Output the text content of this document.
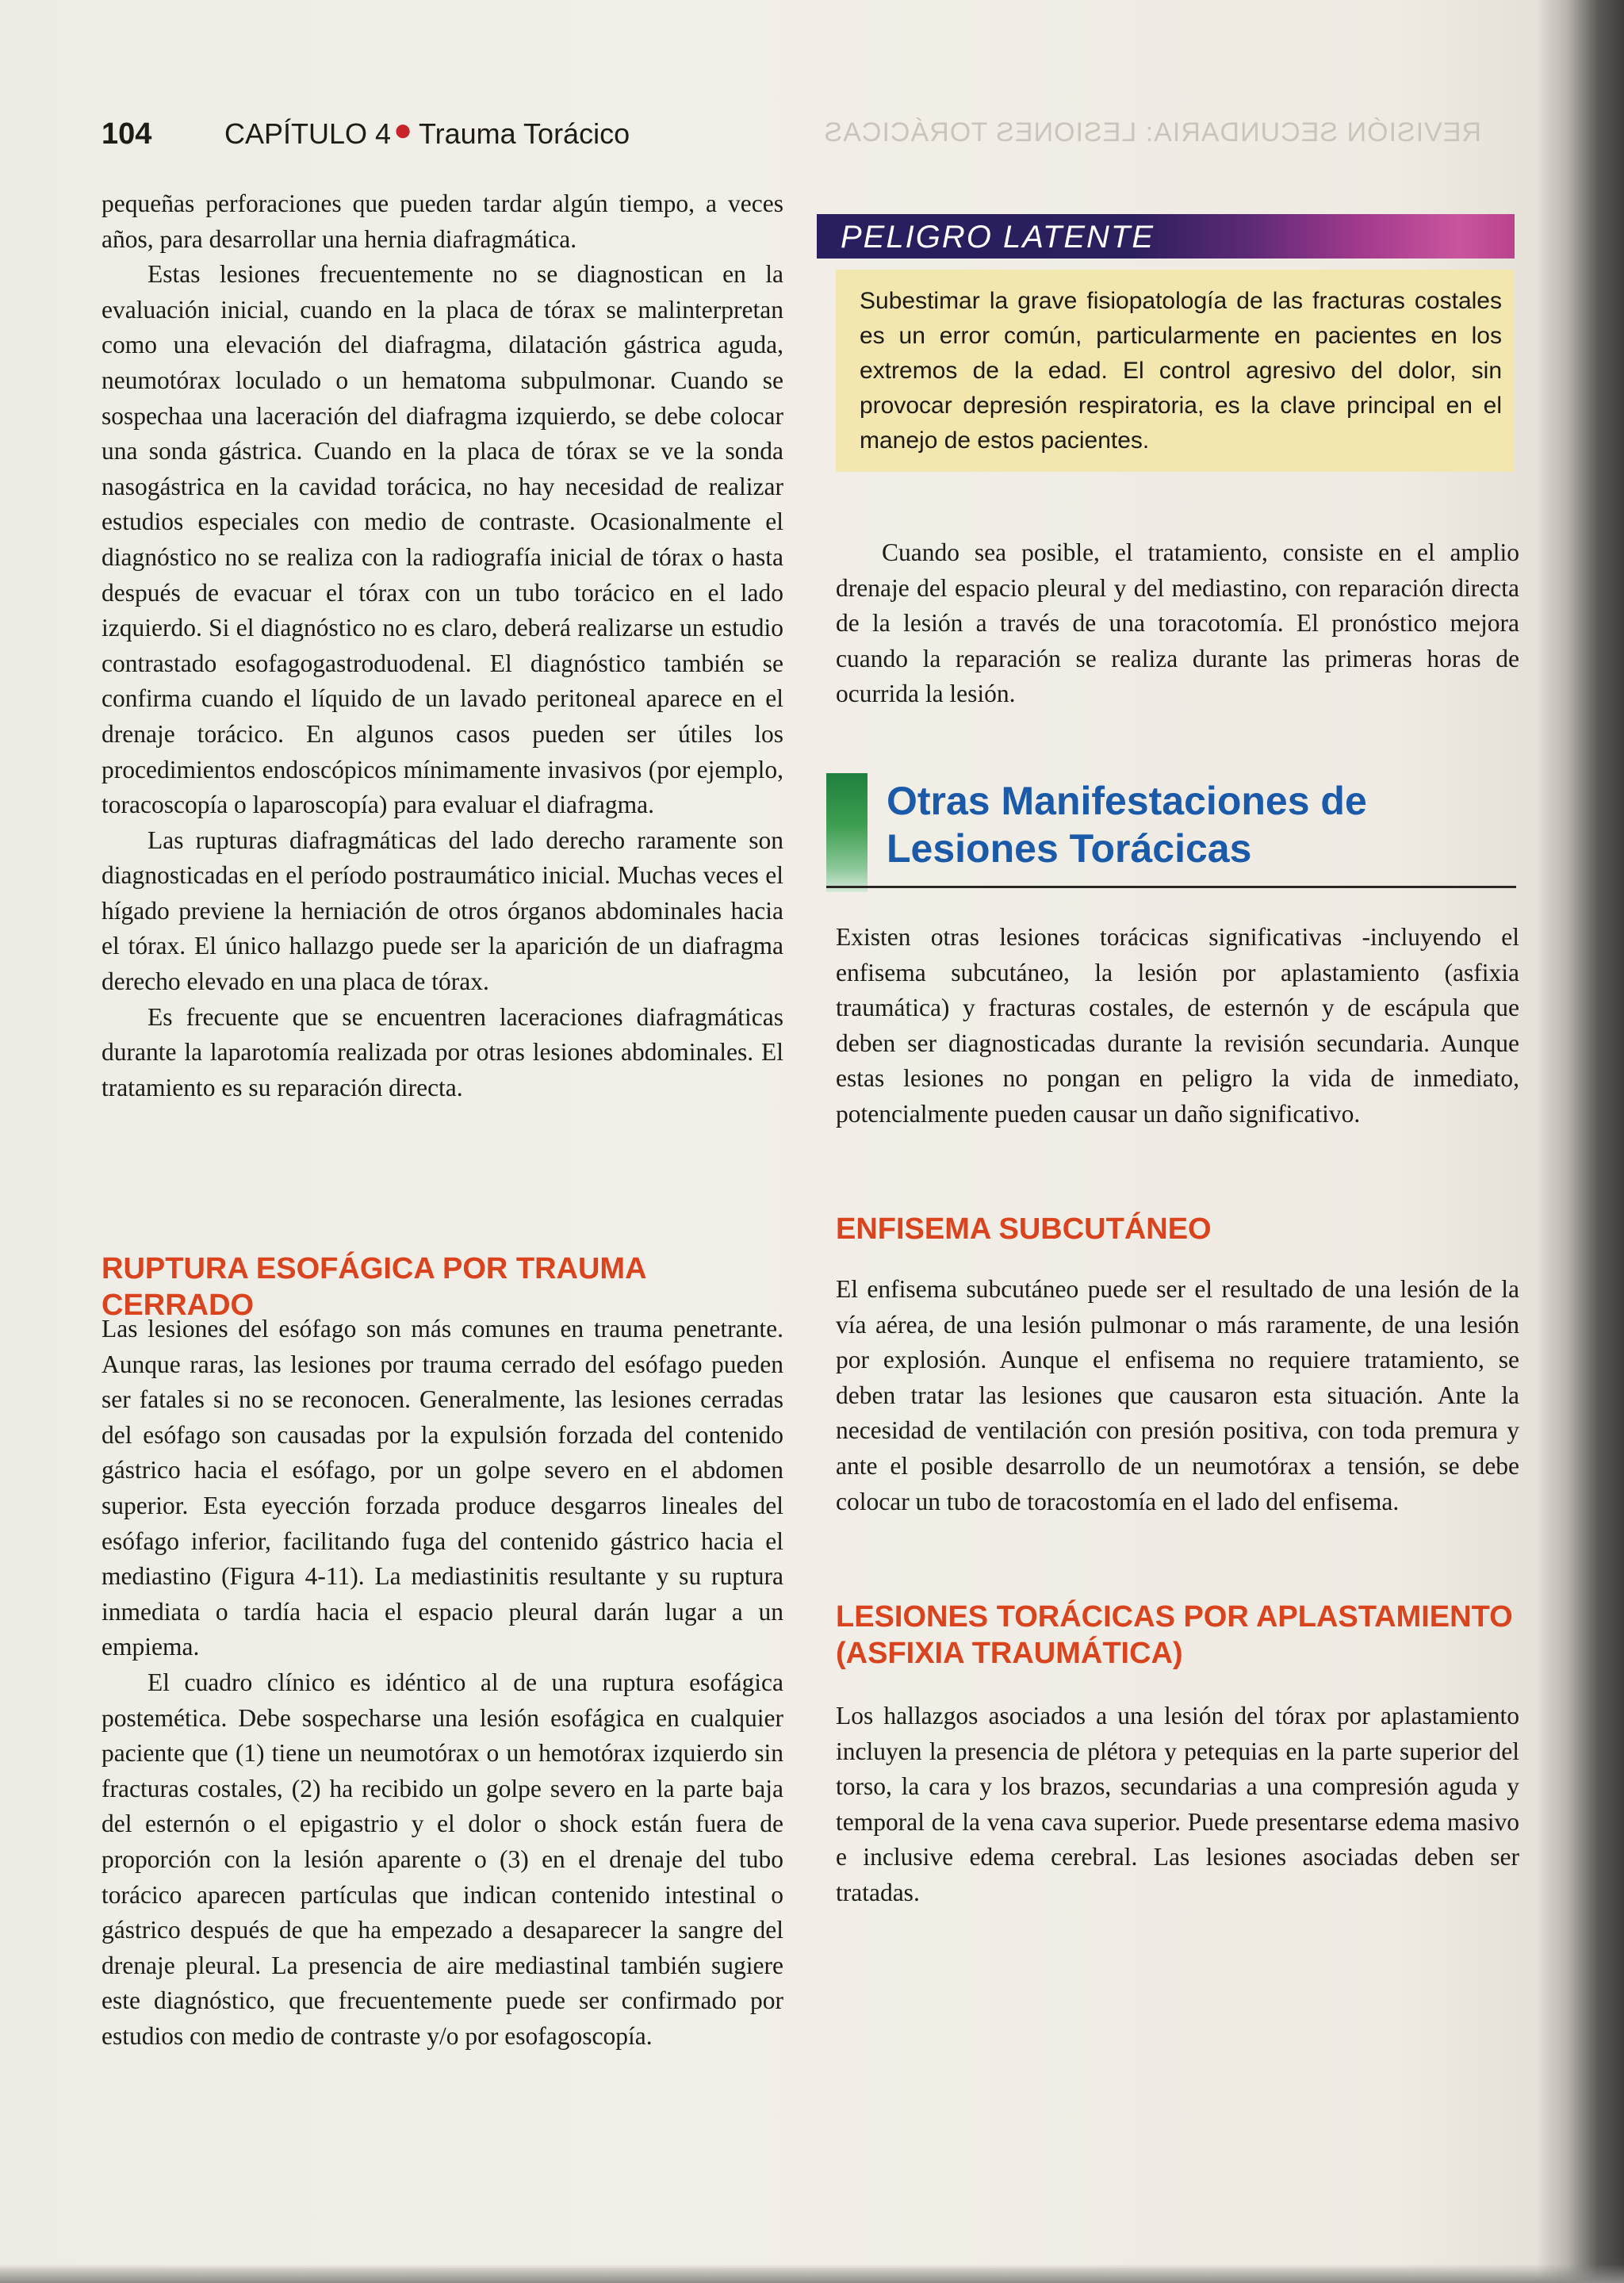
104	CAPÍTULO 4 ● Trauma Torácico	REVISIÓN SECUNDARIA: LESIONES TORÁCICAS

pequeñas perforaciones que pueden tardar algún tiempo, a veces años, para desarrollar una hernia diafragmática.

Estas lesiones frecuentemente no se diagnostican en la evaluación inicial, cuando en la placa de tórax se malinterpretan como una elevación del diafragma, dilatación gástrica aguda, neumotórax loculado o un hematoma subpulmonar. Cuando se sospechaa una laceración del diafragma izquierdo, se debe colocar una sonda gástrica. Cuando en la placa de tórax se ve la sonda nasogástrica en la cavidad torácica, no hay necesidad de realizar estudios especiales con medio de contraste. Ocasionalmente el diagnóstico no se realiza con la radiografía inicial de tórax o hasta después de evacuar el tórax con un tubo torácico en el lado izquierdo. Si el diagnóstico no es claro, deberá realizarse un estudio contrastado esofagogastroduodenal. El diagnóstico también se confirma cuando el líquido de un lavado peritoneal aparece en el drenaje torácico. En algunos casos pueden ser útiles los procedimientos endoscópicos mínimamente invasivos (por ejemplo, toracoscopía o laparoscopía) para evaluar el diafragma.

Las rupturas diafragmáticas del lado derecho raramente son diagnosticadas en el período postraumático inicial. Muchas veces el hígado previene la herniación de otros órganos abdominales hacia el tórax. El único hallazgo puede ser la aparición de un diafragma derecho elevado en una placa de tórax.

Es frecuente que se encuentren laceraciones diafragmáticas durante la laparotomía realizada por otras lesiones abdominales. El tratamiento es su reparación directa.

RUPTURA ESOFÁGICA POR TRAUMA CERRADO

Las lesiones del esófago son más comunes en trauma penetrante. Aunque raras, las lesiones por trauma cerrado del esófago pueden ser fatales si no se reconocen. Generalmente, las lesiones cerradas del esófago son causadas por la expulsión forzada del contenido gástrico hacia el esófago, por un golpe severo en el abdomen superior. Esta eyección forzada produce desgarros lineales del esófago inferior, facilitando fuga del contenido gástrico hacia el mediastino (Figura 4-11). La mediastinitis resultante y su ruptura inmediata o tardía hacia el espacio pleural darán lugar a un empiema.

El cuadro clínico es idéntico al de una ruptura esofágica postemética. Debe sospecharse una lesión esofágica en cualquier paciente que (1) tiene un neumotórax o un hemotórax izquierdo sin fracturas costales, (2) ha recibido un golpe severo en la parte baja del esternón o el epigastrio y el dolor o shock están fuera de proporción con la lesión aparente o (3) en el drenaje del tubo torácico aparecen partículas que indican contenido intestinal o gástrico después de que ha empezado a desaparecer la sangre del drenaje pleural. La presencia de aire mediastinal también sugiere este diagnóstico, que frecuentemente puede ser confirmado por estudios con medio de contraste y/o por esofagoscopía.

PELIGRO LATENTE
Subestimar la grave fisiopatología de las fracturas costales es un error común, particularmente en pacientes en los extremos de la edad. El control agresivo del dolor, sin provocar depresión respiratoria, es la clave principal en el manejo de estos pacientes.

Cuando sea posible, el tratamiento, consiste en el amplio drenaje del espacio pleural y del mediastino, con reparación directa de la lesión a través de una toracotomía. El pronóstico mejora cuando la reparación se realiza durante las primeras horas de ocurrida la lesión.

Otras Manifestaciones de Lesiones Torácicas

Existen otras lesiones torácicas significativas -incluyendo el enfisema subcutáneo, la lesión por aplastamiento (asfixia traumática) y fracturas costales, de esternón y de escápula que deben ser diagnosticadas durante la revisión secundaria. Aunque estas lesiones no pongan en peligro la vida de inmediato, potencialmente pueden causar un daño significativo.

ENFISEMA SUBCUTÁNEO

El enfisema subcutáneo puede ser el resultado de una lesión de la vía aérea, de una lesión pulmonar o más raramente, de una lesión por explosión. Aunque el enfisema no requiere tratamiento, se deben tratar las lesiones que causaron esta situación. Ante la necesidad de ventilación con presión positiva, con toda premura y ante el posible desarrollo de un neumotórax a tensión, se debe colocar un tubo de toracostomía en el lado del enfisema.

LESIONES TORÁCICAS POR APLASTAMIENTO (ASFIXIA TRAUMÁTICA)

Los hallazgos asociados a una lesión del tórax por aplastamiento incluyen la presencia de plétora y petequias en la parte superior del torso, la cara y los brazos, secundarias a una compresión aguda y temporal de la vena cava superior. Puede presentarse edema masivo e inclusive edema cerebral. Las lesiones asociadas deben ser tratadas.
